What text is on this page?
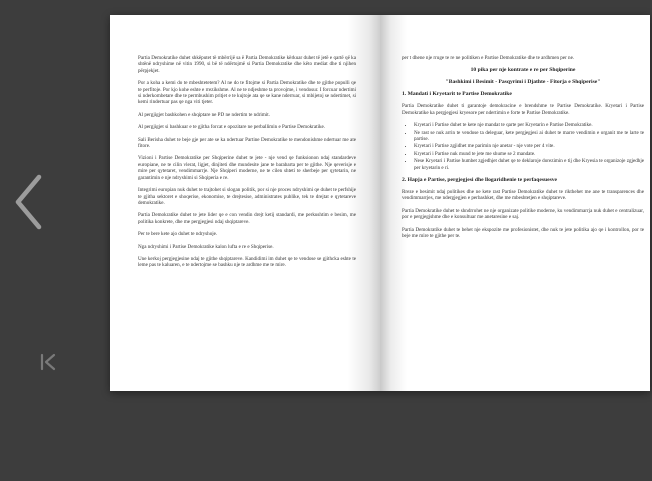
Partia Demokratike duhet shkëputet të mbërrijë sa ë Partia Demokratike kërkuar duhet të jetë e qartë që ka shtënë ndryshime në vitin 1990, si bë të ndërtojmë si Partia Demokratike dhe këto mediat dhe ti njihen përpjekjet.

Por a koha a kemi do te mbeshtetetem? Al ne do te fitojme si Partia Demokratike dhe te gjithe populli qe te perfitoje. Por kjo kohe eshte e rrezikshme. Al ne te ndjeshme ta provojme, i vendosur. I forcuar ndertimi si nderkombetare dhe te permbushim pritjet e te kujtoje ata qe se kane nderruar, si mbijetoj se ndertimet, si kemi rindertuar pas qe nga viti tjeter.

Al pergjigjet bashkohen e shqiptare ne PD ne ndertim te ndrimit.

Al pergjigjet si bashkuar e te gjitha forcat e opozitare ne perballimin e Partise Demokratike.

Sali Berisha duhet te beje gje per ate se ka ndertuar Partine Demokratike te mendonishme ndertuar me ate fitore.

Vizioni i Partise Demokratike per Shqiperine duhet te jete - nje vend qe funksionon ndaj standardeve europiane, ne te cilin vlerat, ligjet, dinjiteti dhe mundesite jane te barabarta per te gjithe. Nje qeverisje e mire per qytetaret, vendimmarrje. Nje Shqiperi moderne, ne te cilen shteti te sherbeje per qytetarin, ne garantimin e nje ndryshimi si Shqiperia e re.

Integrimi europian nuk duhet te trajtohet si slogan politik, por si nje proces ndryshimi qe duhet te perfshije te gjitha sektoret e shoqerise, ekonomise, te drejtesise, administrates publike, tek te drejtat e qytetareve demokratike.

Partia Demokratike duhet te jete lider qe e con vendin drejt ketij standardi, me perkushtim e besim, me politika konkrete, dhe me pergjegjesi ndaj shqiptareve.

Per te bere kete ajo duhet te ndryshoje.

Nga ndryshimi i Partise Demokratike kalon lufta e re e Shqiperise.

Une kerkoj pergjegjesine ndaj te gjithe shqiptareve. Kandidimi im duhet qe te vendose se gjithcka eshte te leme pas te kaluaren, e te ndertojme se bashku nje te ardhme me te mire.

per t dhene nje rruge te re ne politiken e Partise Demokratike dhe te ardhmen per ne.

10 pika per nje kontrate e re per Shqiperine
"Bashkimi i Besimit - Pasqyrimi i Djathte - Fitorja e Shqiperise"
1. Mandati i Kryetarit te Partise Demokratike

Partia Demokratike duhet ti garantoje demokracine e brendshme te Partise Demokratike. Kryetari i Partise Demokratike ka pergjegjesi kryesore per ndertimin e forte te Partise Demokratike.

• Kryetari i Partise duhet te kete nje mandat te qarte per Kryetarin e Partise Demokratike.
• Ne rast se nuk arrin te vendose ta deleguar, kete pergjegjesi ai duhet te marre vendimin e organit me te larte te partise.
• Kryetari i Partise zgjidhet me parimin nje anetar - nje vote per 4 vite.
• Kryetari i Partise nuk mund te jete me shume se 2 mandate.
• Nese Kryetari i Partise humbet zgjedhjet duhet qe te deklaroje dorezimin e tij dhe Kryesia te organizoje zgjedhje per kryetarin e ri.
2. Hapja e Partise, pergjegjesi dhe llogaridhenie te perfaqesuesve

Rreze e besimit ndaj politikes dhe ne kete rast Partise Demokratike duhet te rikthehet me ane te transparences dhe vendimmarrjes, me ndergjegjen e perbashket, dhe me mbeshtetjen e shqiptareve.

Partia Demokratike duhet te shndrrohet ne nje organizate politike moderne, ku vendimmarrja nuk duhet e centralizuar, por e pergjegjshme dhe e konsultuar me anetaresine e saj.

Partia Demokratike duhet te behet nje ekspozite me profesionistet, dhe nuk te jete politika ajo qe i kontrollon, por te beje me mire te gjithe per te.
